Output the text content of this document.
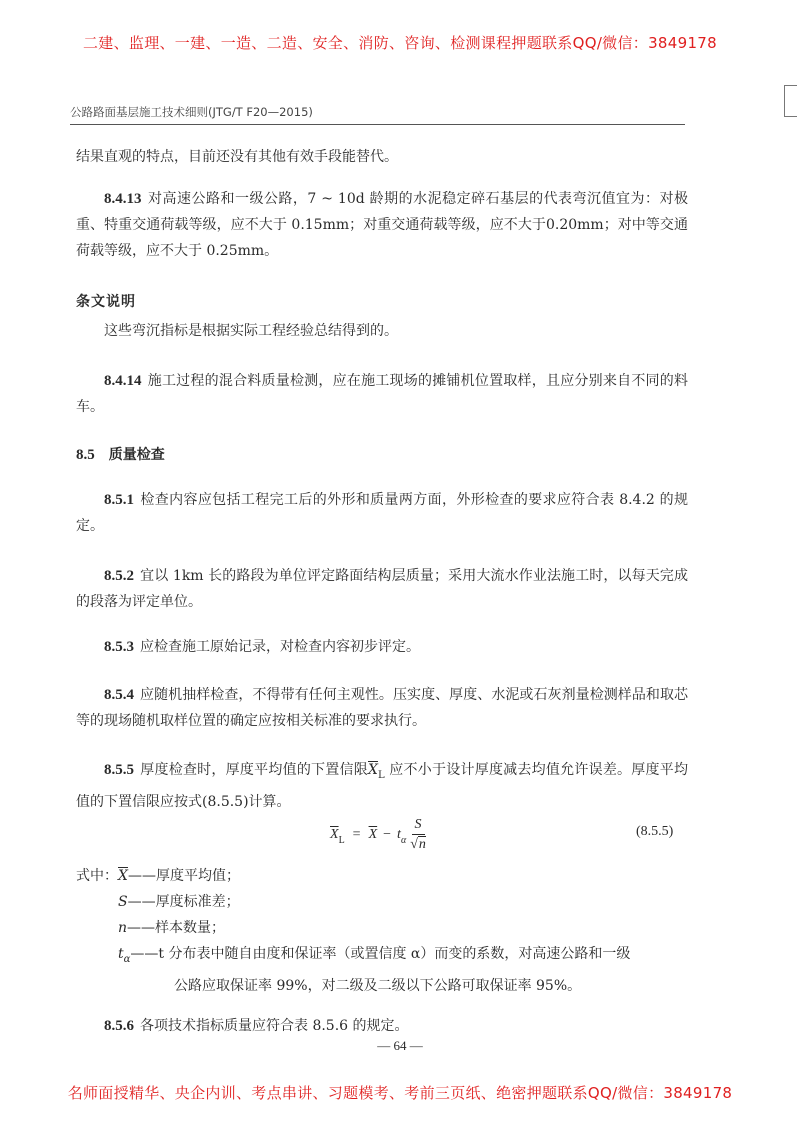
二建、监理、一建、一造、二造、安全、消防、咨询、检测课程押题联系QQ/微信：3849178
公路路面基层施工技术细则(JTG/T F20—2015)
结果直观的特点，目前还没有其他有效手段能替代。
8.4.13 对高速公路和一级公路，7 ~ 10d 龄期的水泥稳定碎石基层的代表弯沉值宜为：对极重、特重交通荷载等级，应不大于 0.15mm；对重交通荷载等级，应不大于0.20mm；对中等交通荷载等级，应不大于 0.25mm。
条文说明
这些弯沉指标是根据实际工程经验总结得到的。
8.4.14 施工过程的混合料质量检测，应在施工现场的摊铺机位置取样，且应分别来自不同的料车。
8.5 质量检查
8.5.1 检查内容应包括工程完工后的外形和质量两方面，外形检查的要求应符合表 8.4.2 的规定。
8.5.2 宜以 1km 长的路段为单位评定路面结构层质量；采用大流水作业法施工时，以每天完成的段落为评定单位。
8.5.3 应检查施工原始记录，对检查内容初步评定。
8.5.4 应随机抽样检查，不得带有任何主观性。压实度、厚度、水泥或石灰剂量检测样品和取芯等的现场随机取样位置的确定应按相关标准的要求执行。
8.5.5 厚度检查时，厚度平均值的下置信限$\overline{X}_L$ 应不小于设计厚度减去均值允许误差。厚度平均值的下置信限应按式(8.5.5)计算。
$\overline{X}_L = \overline{X} - t_\alpha \frac{S}{√n}$	(8.5.5)
式中：$\overline{X}——$厚度平均值；
S——厚度标准差；
n——样本数量；
$t_\alpha——t$ 分布表中随自由度和保证率（或置信度 α）而变的系数，对高速公路和一级
公路应取保证率 99%，对二级及二级以下公路可取保证率 95%。
8.5.6 各项技术指标质量应符合表 8.5.6 的规定。
— 64 —
名师面授精华、央企内训、考点串讲、习题模考、考前三页纸、绝密押题联系QQ/微信：3849178
